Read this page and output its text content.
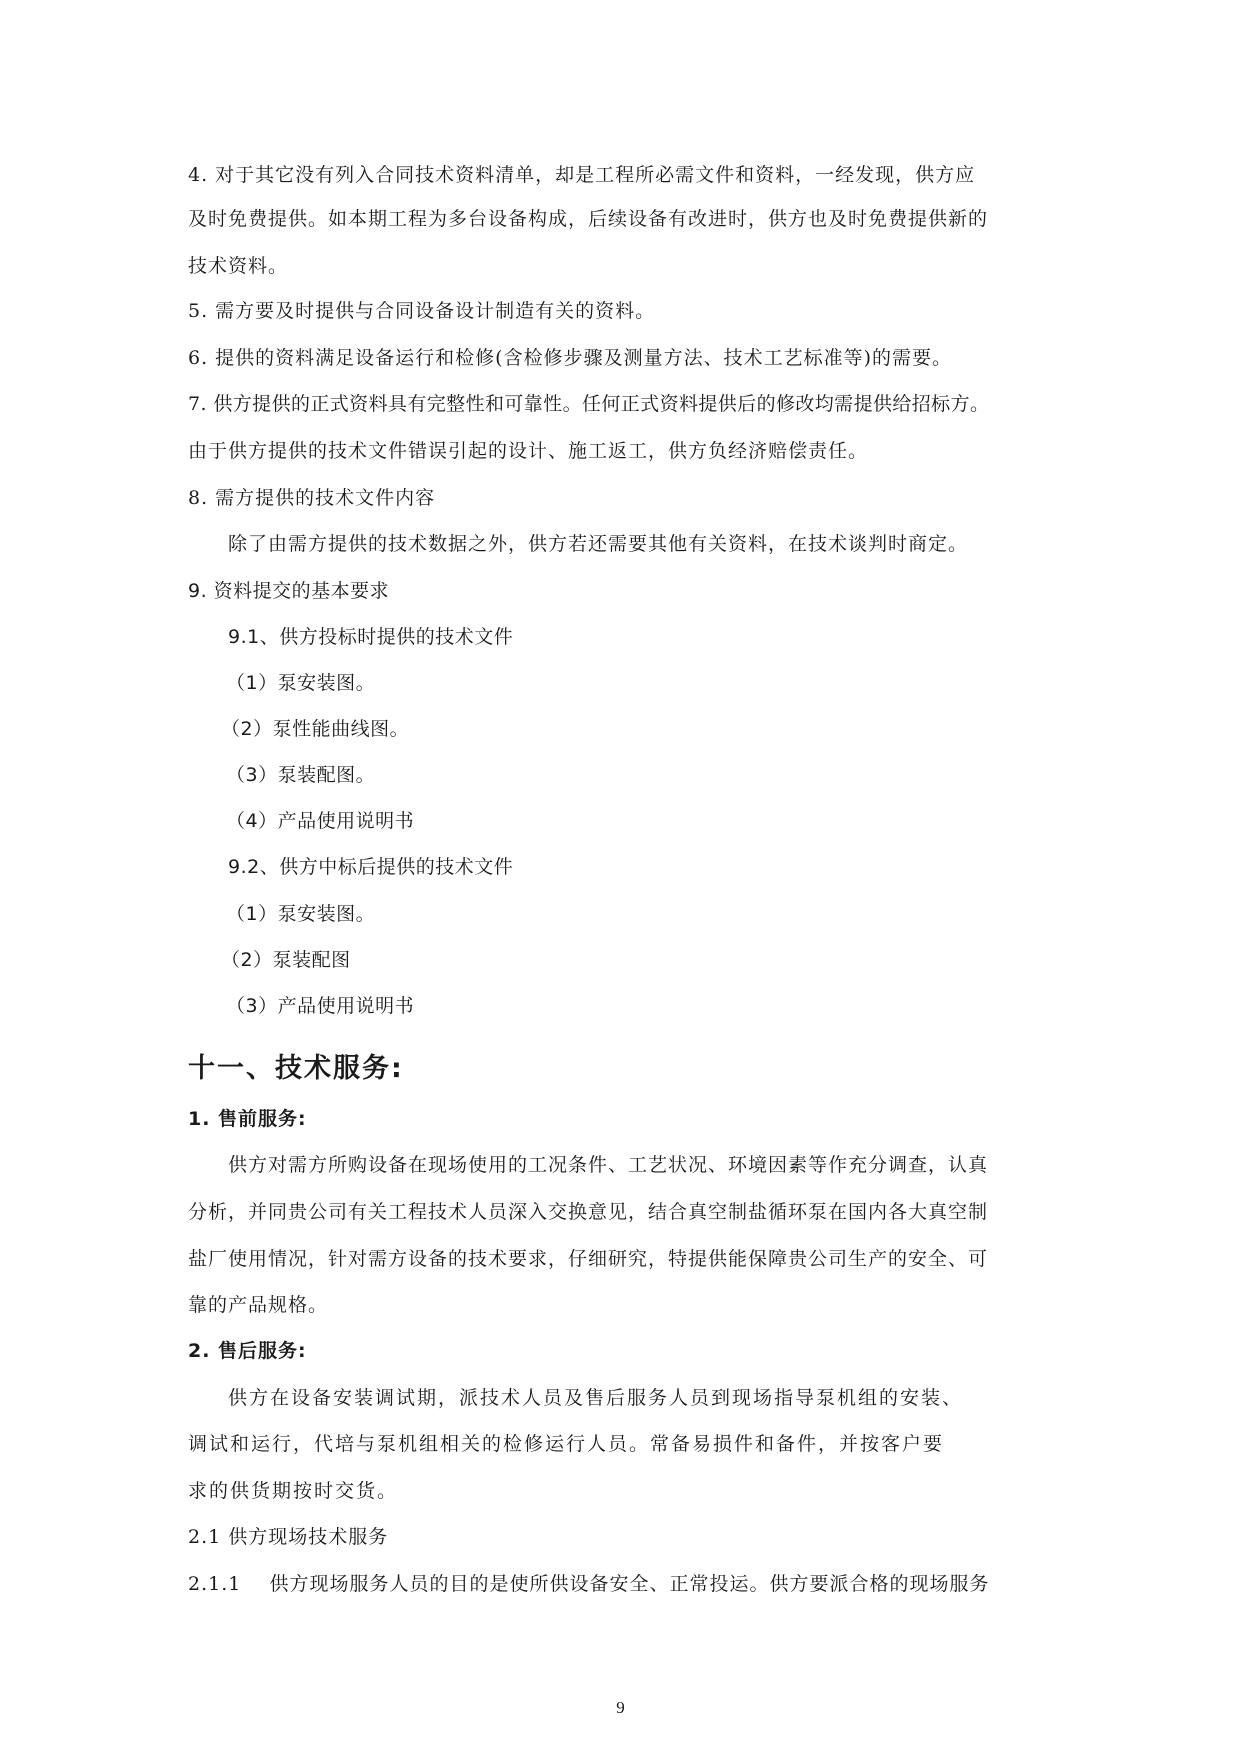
4. 对于其它没有列入合同技术资料清单，却是工程所必需文件和资料，一经发现，供方应
及时免费提供。如本期工程为多台设备构成，后续设备有改进时，供方也及时免费提供新的
技术资料。
5. 需方要及时提供与合同设备设计制造有关的资料。
6. 提供的资料满足设备运行和检修(含检修步骤及测量方法、技术工艺标准等)的需要。
7. 供方提供的正式资料具有完整性和可靠性。任何正式资料提供后的修改均需提供给招标方。
由于供方提供的技术文件错误引起的设计、施工返工，供方负经济赔偿责任。
8. 需方提供的技术文件内容
除了由需方提供的技术数据之外，供方若还需要其他有关资料，在技术谈判时商定。
9. 资料提交的基本要求
9.1、供方投标时提供的技术文件
（1）泵安装图。
（2）泵性能曲线图。
（3）泵装配图。
（4）产品使用说明书
9.2、供方中标后提供的技术文件
（1）泵安装图。
（2）泵装配图
（3）产品使用说明书
十一、技术服务:
1. 售前服务:
供方对需方所购设备在现场使用的工况条件、工艺状况、环境因素等作充分调查，认真
分析，并同贵公司有关工程技术人员深入交换意见，结合真空制盐循环泵在国内各大真空制
盐厂使用情况，针对需方设备的技术要求，仔细研究，特提供能保障贵公司生产的安全、可
靠的产品规格。
2. 售后服务:
供方在设备安装调试期，派技术人员及售后服务人员到现场指导泵机组的安装、
调试和运行，代培与泵机组相关的检修运行人员。常备易损件和备件，并按客户要
求的供货期按时交货。
2.1 供方现场技术服务
2.1.1    供方现场服务人员的目的是使所供设备安全、正常投运。供方要派合格的现场服务
9
